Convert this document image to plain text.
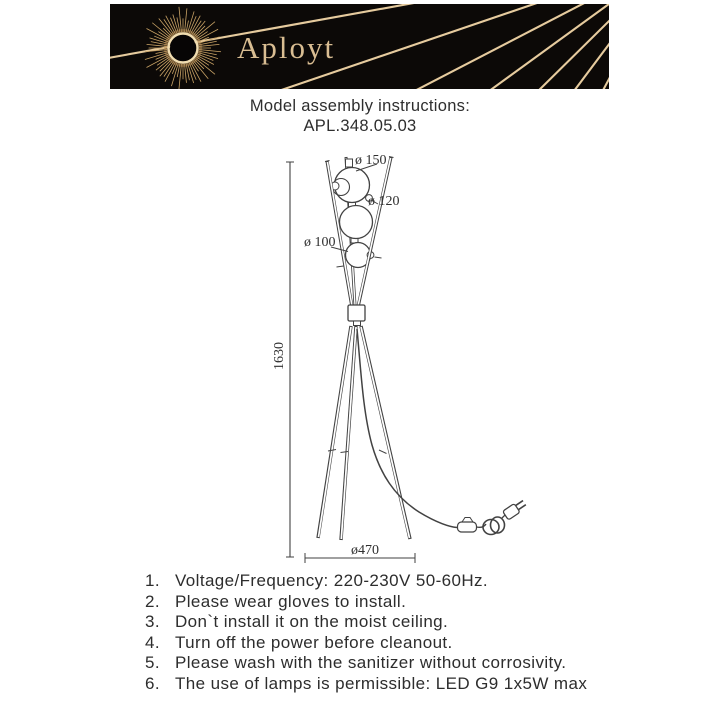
Aployt
Model assembly instructions:
APL.348.05.03
ø 150
ø 120
ø 100
1630
ø470
1. Voltage/Frequency: 220-230V 50-60Hz.
2. Please wear gloves to install.
3. Don`t install it on the moist ceiling.
4. Turn off the power before cleanout.
5. Please wash with the sanitizer without corrosivity.
6. The use of lamps is permissible: LED G9 1x5W max
